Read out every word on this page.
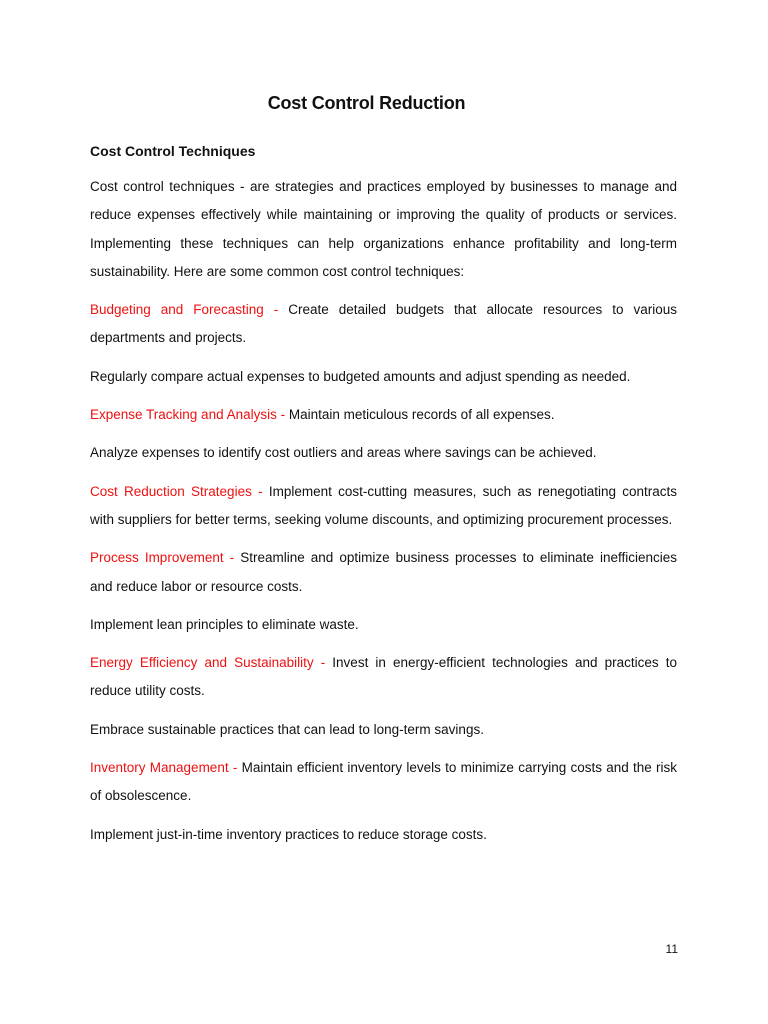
Cost Control Reduction
Cost Control Techniques

Cost control techniques - are strategies and practices employed by businesses to manage and reduce expenses effectively while maintaining or improving the quality of products or services. Implementing these techniques can help organizations enhance profitability and long-term sustainability. Here are some common cost control techniques:

Budgeting and Forecasting - Create detailed budgets that allocate resources to various departments and projects.

Regularly compare actual expenses to budgeted amounts and adjust spending as needed.

Expense Tracking and Analysis - Maintain meticulous records of all expenses.

Analyze expenses to identify cost outliers and areas where savings can be achieved.

Cost Reduction Strategies - Implement cost-cutting measures, such as renegotiating contracts with suppliers for better terms, seeking volume discounts, and optimizing procurement processes.

Process Improvement - Streamline and optimize business processes to eliminate inefficiencies and reduce labor or resource costs.

Implement lean principles to eliminate waste.

Energy Efficiency and Sustainability - Invest in energy-efficient technologies and practices to reduce utility costs.

Embrace sustainable practices that can lead to long-term savings.

Inventory Management - Maintain efficient inventory levels to minimize carrying costs and the risk of obsolescence.

Implement just-in-time inventory practices to reduce storage costs.

11
